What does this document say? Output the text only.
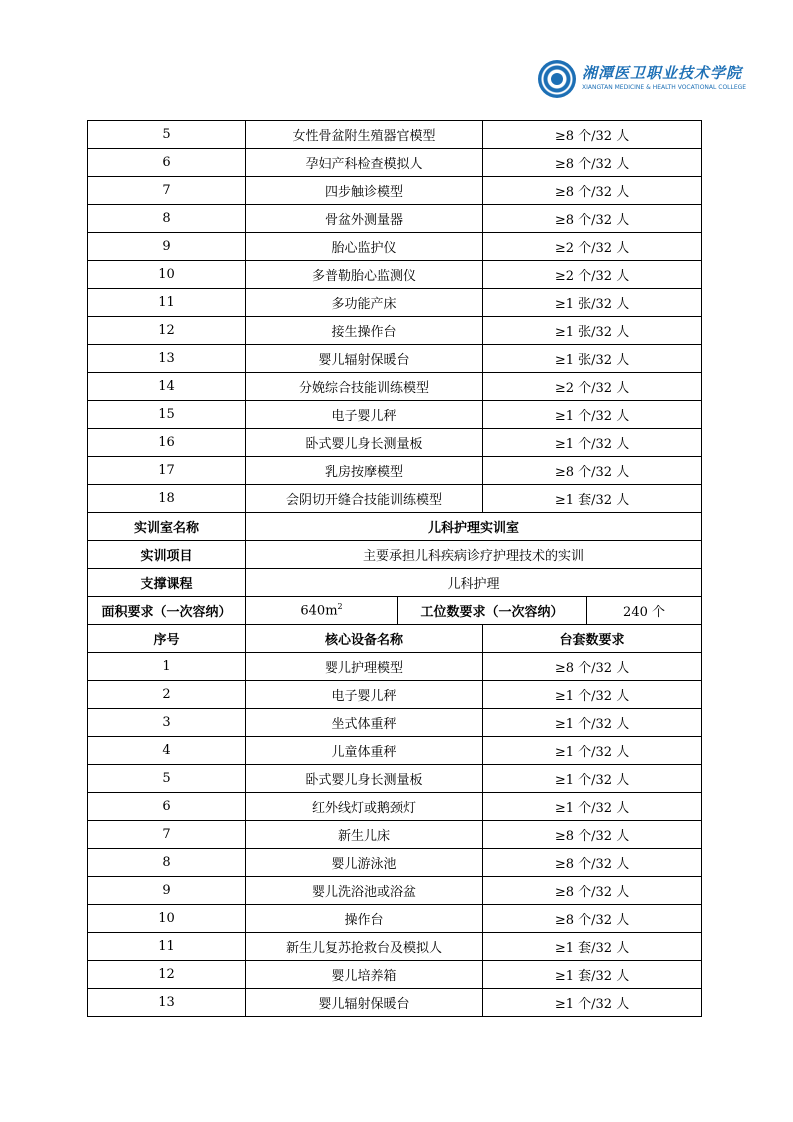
湘潭医卫职业技术学院
XIANGTAN MEDICINE & HEALTH VOCATIONAL COLLEGE
5	女性骨盆附生殖器官模型		≥8 个/32 人	
6	孕妇产科检查模拟人		≥8 个/32 人	
7	四步触诊模型		≥8 个/32 人	
8	骨盆外测量器		≥8 个/32 人	
9	胎心监护仪		≥2 个/32 人	
10	多普勒胎心监测仪		≥2 个/32 人	
11	多功能产床		≥1 张/32 人	
12	接生操作台		≥1 张/32 人	
13	婴儿辐射保暖台		≥1 张/32 人	
14	分娩综合技能训练模型		≥2 个/32 人	
15	电子婴儿秤		≥1 个/32 人	
16	卧式婴儿身长测量板		≥1 个/32 人	
17	乳房按摩模型		≥8 个/32 人	
18	会阴切开缝合技能训练模型		≥1 套/32 人	
实训室名称	儿科护理实训室			
实训项目	主要承担儿科疾病诊疗护理技术的实训			
支撑课程	儿科护理			
面积要求（一次容纳）	$640m^2$	工位数要求（一次容纳）		240 个
序号	核心设备名称		台套数要求	
1	婴儿护理模型		≥8 个/32 人	
2	电子婴儿秤		≥1 个/32 人	
3	坐式体重秤		≥1 个/32 人	
4	儿童体重秤		≥1 个/32 人	
5	卧式婴儿身长测量板		≥1 个/32 人	
6	红外线灯或鹅颈灯		≥1 个/32 人	
7	新生儿床		≥8 个/32 人	
8	婴儿游泳池		≥8 个/32 人	
9	婴儿洗浴池或浴盆		≥8 个/32 人	
10	操作台		≥8 个/32 人	
11	新生儿复苏抢救台及模拟人		≥1 套/32 人	
12	婴儿培养箱		≥1 套/32 人	
13	婴儿辐射保暖台		≥1 个/32 人	
